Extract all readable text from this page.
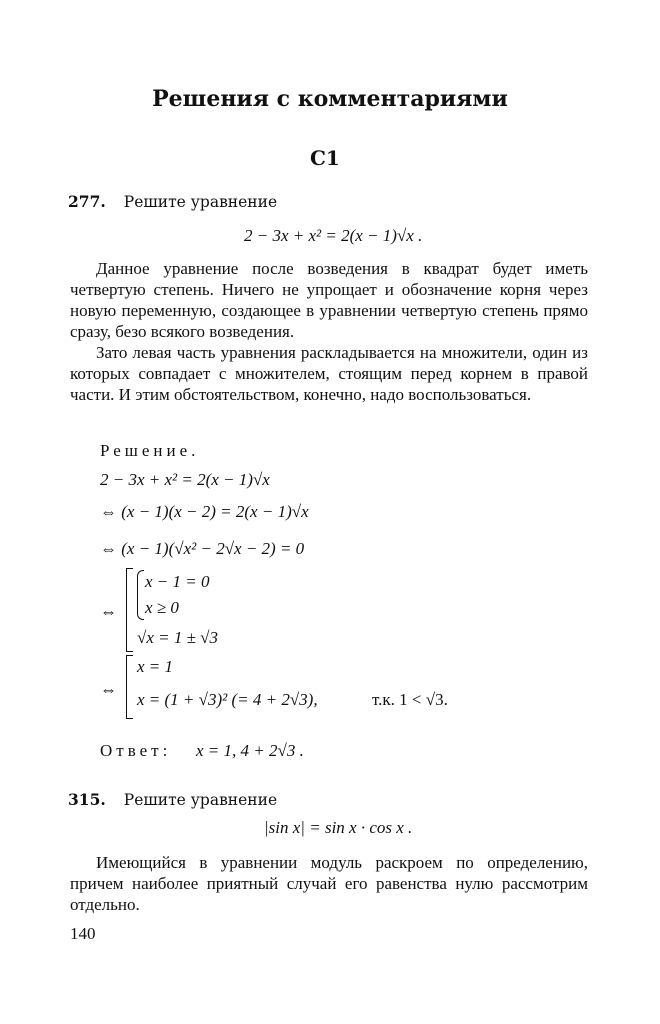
Решения с комментариями
С1
277. Решите уравнение
2 − 3x + x² = 2(x − 1)√x .

Данное уравнение после возведения в квадрат будет иметь четвертую степень. Ничего не упрощает и обозначение корня через новую переменную, создающее в уравнении четвертую степень прямо сразу, безо всякого возведения.

Зато левая часть уравнения раскладывается на множители, один из которых совпадает с множителем, стоящим перед корнем в правой части. И этим обстоятельством, конечно, надо воспользоваться.

Решение.
2 − 3x + x² = 2(x − 1)√x
⇔ (x − 1)(x − 2) = 2(x − 1)√x
⇔ (x − 1)(√x² − 2√x − 2) = 0
⇔
x − 1 = 0
x ≥ 0
√x = 1 ± √3
⇔
x = 1
x = (1 + √3)² (= 4 + 2√3),	т.к. 1 < √3.
Ответ: x = 1, 4 + 2√3 .
315. Решите уравнение
|sin x| = sin x · cos x .

Имеющийся в уравнении модуль раскроем по определению, причем наиболее приятный случай его равенства нулю рассмотрим отдельно.

140
